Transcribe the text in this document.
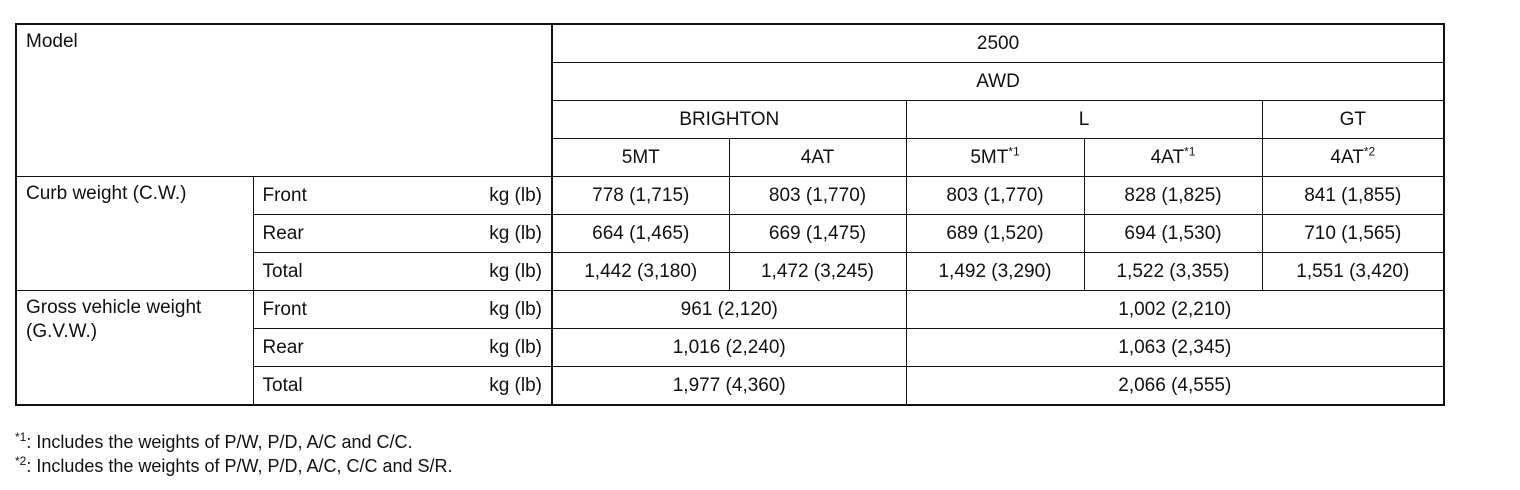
Model		2500				
		AWD				
		BRIGHTON		L		GT
		5MT	4AT	5MT$^{*1}$	4AT$^{*1}$	4AT$^{*2}$
Curb weight (C.W.)	Front kg (lb)	778 (1,715)	803 (1,770)	803 (1,770)	828 (1,825)	841 (1,855)
	Rear kg (lb)	664 (1,465)	669 (1,475)	689 (1,520)	694 (1,530)	710 (1,565)
	Total kg (lb)	1,442 (3,180)	1,472 (3,245)	1,492 (3,290)	1,522 (3,355)	1,551 (3,420)
Gross vehicle weight
(G.V.W.)	Front kg (lb)	961 (2,120)		1,002 (2,210)		
	Rear kg (lb)	1,016 (2,240)		1,063 (2,345)		
	Total kg (lb)	1,977 (4,360)		2,066 (4,555)		
$^{*1}$: Includes the weights of P/W, P/D, A/C and C/C.
$^{*2}$: Includes the weights of P/W, P/D, A/C, C/C and S/R.
